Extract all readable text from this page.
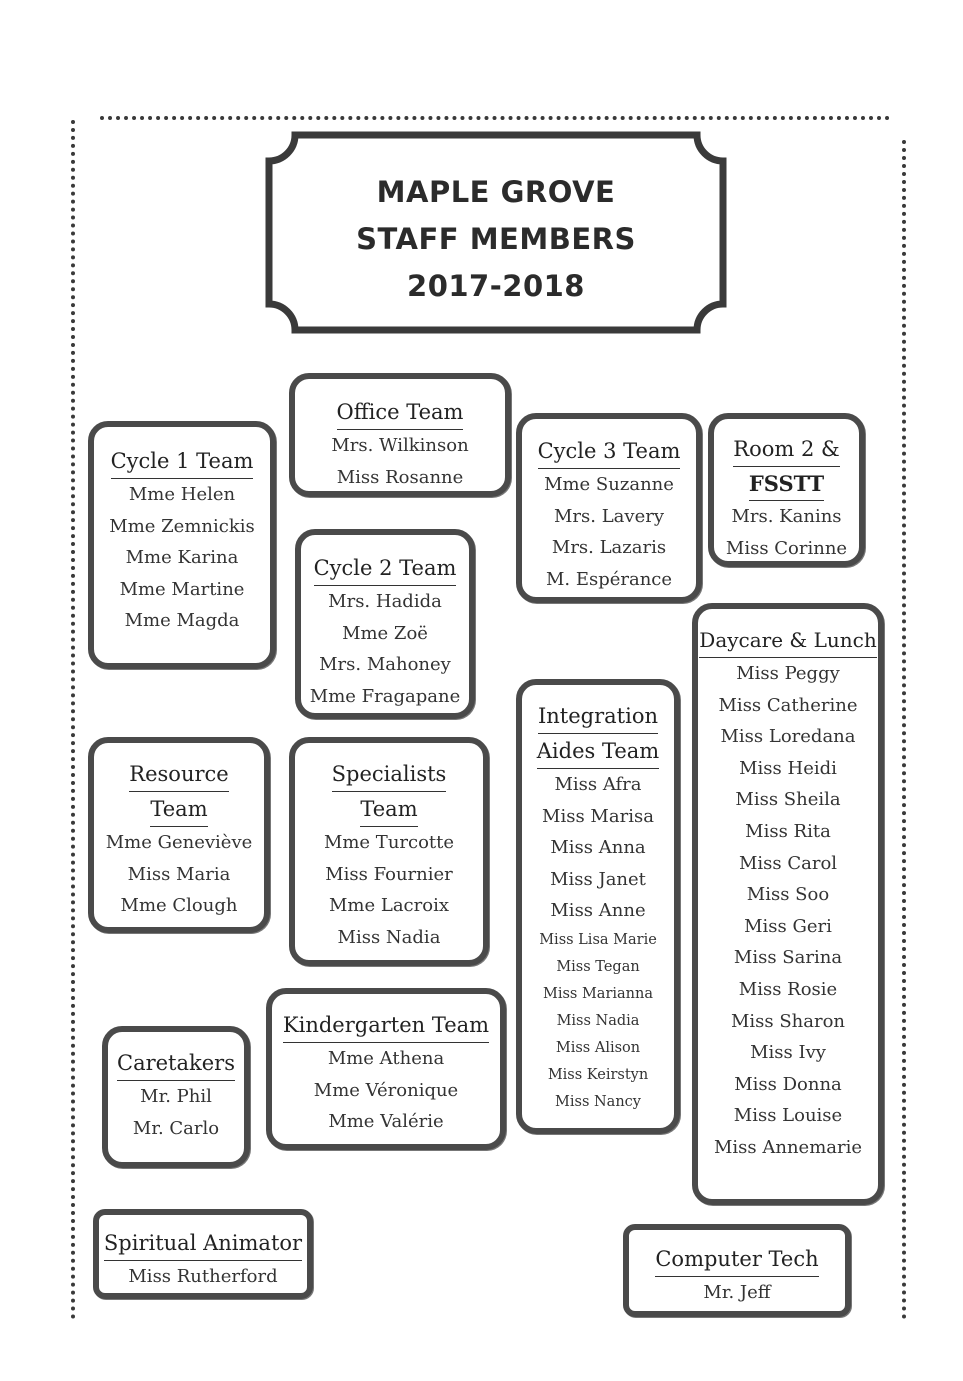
MAPLE GROVE
STAFF MEMBERS
2017-2018
Office Team
Mrs. Wilkinson
Miss Rosanne
Cycle 1 Team
Mme Helen
Mme Zemnickis
Mme Karina
Mme Martine
Mme Magda
Cycle 3 Team
Mme Suzanne
Mrs. Lavery
Mrs. Lazaris
M. Espérance
Room 2 &
FSSTT
Mrs. Kanins
Miss Corinne
Cycle 2 Team
Mrs. Hadida
Mme Zoë
Mrs. Mahoney
Mme Fragapane
Daycare & Lunch
Miss Peggy
Miss Catherine
Miss Loredana
Miss Heidi
Miss Sheila
Miss Rita
Miss Carol
Miss Soo
Miss Geri
Miss Sarina
Miss Rosie
Miss Sharon
Miss Ivy
Miss Donna
Miss Louise
Miss Annemarie
Integration
Aides Team
Miss Afra
Miss Marisa
Miss Anna
Miss Janet
Miss Anne
Miss Lisa Marie
Miss Tegan
Miss Marianna
Miss Nadia
Miss Alison
Miss Keirstyn
Miss Nancy
Resource
Team
Mme Geneviève
Miss Maria
Mme Clough
Specialists
Team
Mme Turcotte
Miss Fournier
Mme Lacroix
Miss Nadia
Kindergarten Team
Mme Athena
Mme Véronique
Mme Valérie
Caretakers
Mr. Phil
Mr. Carlo
Spiritual Animator
Miss Rutherford
Computer Tech
Mr. Jeff
